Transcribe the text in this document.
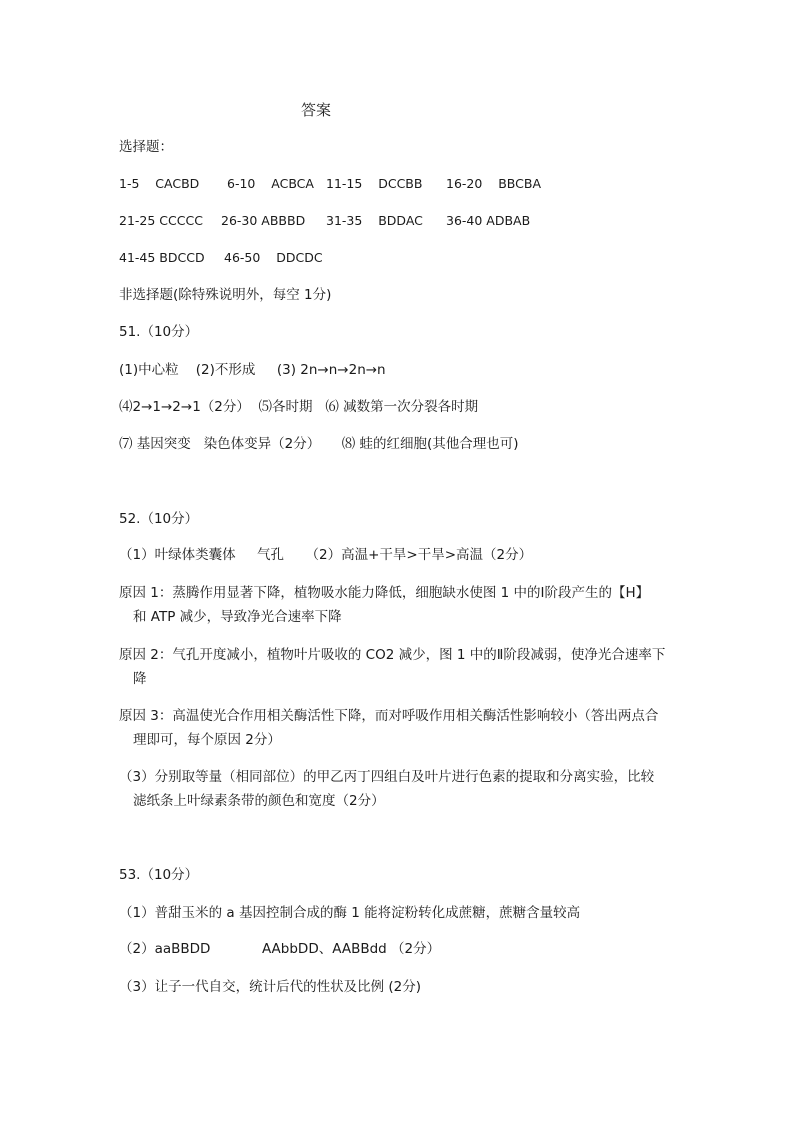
答案
选择题：
1-5    CACBD 6-10    ACBCA 11-15    DCCBB 16-20    BBCBA
21-25 CCCCC 26-30 ABBBD 31-35    BDDAC 36-40 ADBAB
41-45 BDCCD 46-50    DDCDC
非选择题(除特殊说明外，每空 1分)
51.（10分）
(1)中心粒    (2)不形成     (3) 2n→n→2n→n
⑷2→1→2→1（2分）  ⑸各时期   ⑹ 减数第一次分裂各时期
⑺ 基因突变   染色体变异（2分）     ⑻ 蛙的红细胞(其他合理也可)
52.（10分）
（1）叶绿体类囊体     气孔     （2）高温+干旱>干旱>高温（2分）
原因 1：蒸腾作用显著下降，植物吸水能力降低，细胞缺水使图 1 中的Ⅰ阶段产生的【H】
和 ATP 减少，导致净光合速率下降
原因 2：气孔开度减小，植物叶片吸收的 CO2 减少，图 1 中的Ⅱ阶段减弱，使净光合速率下
降
原因 3：高温使光合作用相关酶活性下降，而对呼吸作用相关酶活性影响较小（答出两点合
理即可，每个原因 2分）
（3）分别取等量（相同部位）的甲乙丙丁四组白及叶片进行色素的提取和分离实验，比较
滤纸条上叶绿素条带的颜色和宽度（2分）
53.（10分）
（1）普甜玉米的 a 基因控制合成的酶 1 能将淀粉转化成蔗糖，蔗糖含量较高
（2）aaBBDD            AAbbDD、AABBdd （2分）
（3）让子一代自交，统计后代的性状及比例 (2分)
